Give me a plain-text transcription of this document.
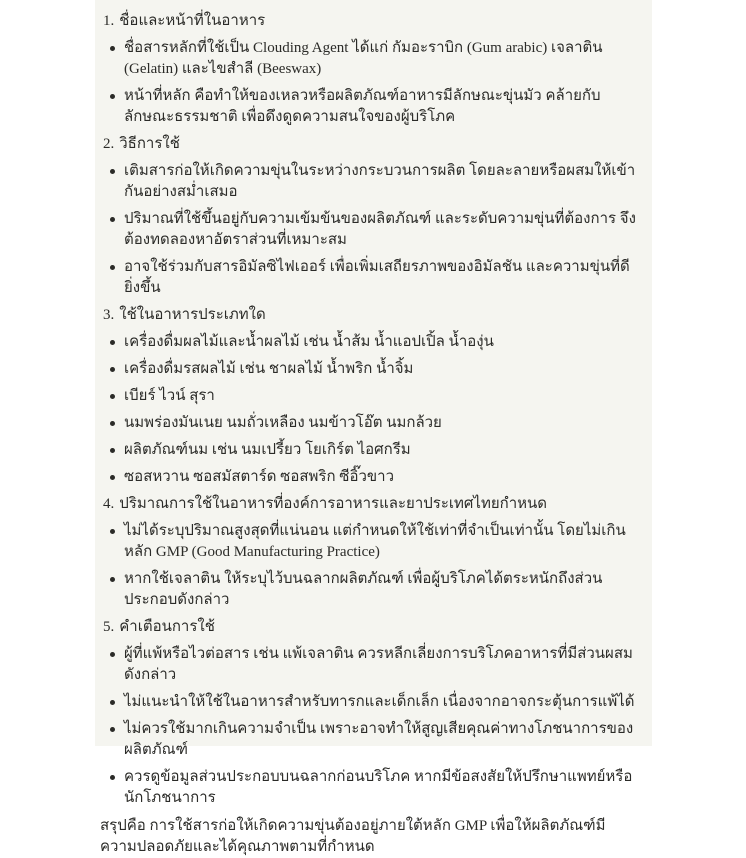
1. ชื่อและหน้าที่ในอาหาร
ชื่อสารหลักที่ใช้เป็น Clouding Agent ได้แก่ กัมอะราบิก (Gum arabic) เจลาติน (Gelatin) และไขสำลี (Beeswax)
หน้าที่หลัก คือทำให้ของเหลวหรือผลิตภัณฑ์อาหารมีลักษณะขุ่นมัว คล้ายกับลักษณะธรรมชาติ เพื่อดึงดูดความสนใจของผู้บริโภค
2. วิธีการใช้
เติมสารก่อให้เกิดความขุ่นในระหว่างกระบวนการผลิต โดยละลายหรือผสมให้เข้ากันอย่างสม่ำเสมอ
ปริมาณที่ใช้ขึ้นอยู่กับความเข้มข้นของผลิตภัณฑ์ และระดับความขุ่นที่ต้องการ จึงต้องทดลองหาอัตราส่วนที่เหมาะสม
อาจใช้ร่วมกับสารอิมัลซิไฟเออร์ เพื่อเพิ่มเสถียรภาพของอิมัลชัน และความขุ่นที่ดียิ่งขึ้น
3. ใช้ในอาหารประเภทใด
เครื่องดื่มผลไม้และน้ำผลไม้ เช่น น้ำส้ม น้ำแอปเปิ้ล น้ำองุ่น
เครื่องดื่มรสผลไม้ เช่น ชาผลไม้ น้ำพริก น้ำจิ้ม
เบียร์ ไวน์ สุรา
นมพร่องมันเนย นมถั่วเหลือง นมข้าวโอ๊ต นมกล้วย
ผลิตภัณฑ์นม เช่น นมเปรี้ยว โยเกิร์ต ไอศกรีม
ซอสหวาน ซอสมัสตาร์ด ซอสพริก ซีอิ๊วขาว
4. ปริมาณการใช้ในอาหารที่องค์การอาหารและยาประเทศไทยกำหนด
ไม่ได้ระบุปริมาณสูงสุดที่แน่นอน แต่กำหนดให้ใช้เท่าที่จำเป็นเท่านั้น โดยไม่เกินหลัก GMP (Good Manufacturing Practice)
หากใช้เจลาติน ให้ระบุไว้บนฉลากผลิตภัณฑ์ เพื่อผู้บริโภคได้ตระหนักถึงส่วนประกอบดังกล่าว
5. คำเตือนการใช้
ผู้ที่แพ้หรือไวต่อสาร เช่น แพ้เจลาติน ควรหลีกเลี่ยงการบริโภคอาหารที่มีส่วนผสมดังกล่าว
ไม่แนะนำให้ใช้ในอาหารสำหรับทารกและเด็กเล็ก เนื่องจากอาจกระตุ้นการแพ้ได้
ไม่ควรใช้มากเกินความจำเป็น เพราะอาจทำให้สูญเสียคุณค่าทางโภชนาการของผลิตภัณฑ์
ควรดูข้อมูลส่วนประกอบบนฉลากก่อนบริโภค หากมีข้อสงสัยให้ปรึกษาแพทย์หรือนักโภชนาการ
สรุปคือ การใช้สารก่อให้เกิดความขุ่นต้องอยู่ภายใต้หลัก GMP เพื่อให้ผลิตภัณฑ์มีความปลอดภัยและได้คุณภาพตามที่กำหนด
